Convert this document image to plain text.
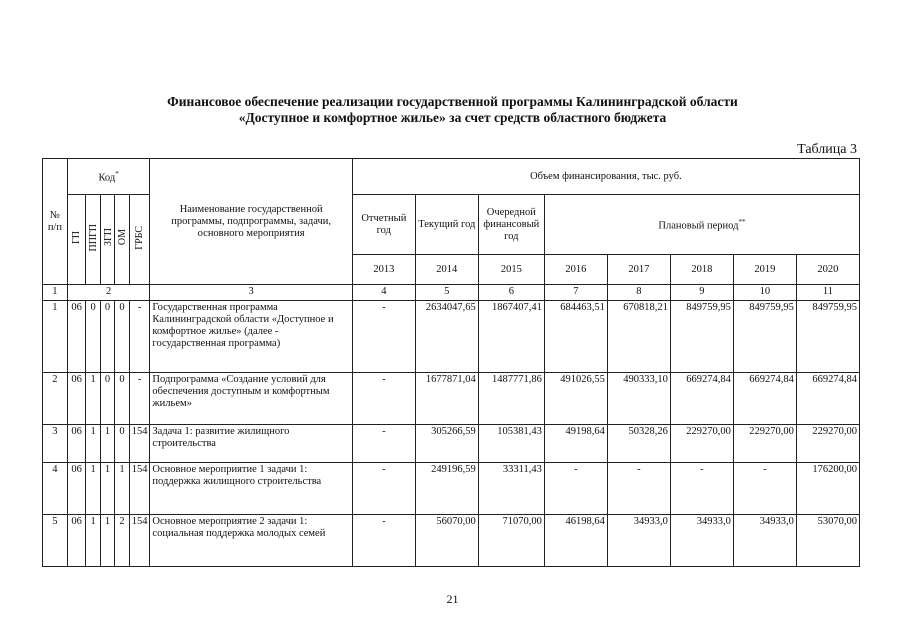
Финансовое обеспечение реализации государственной программы Калининградской области
«Доступное и комфортное жилье» за счет средств областного бюджета
Таблица 3
№ п/п	Код*					Наименование государственной программы, подпрограммы, задачи, основного мероприятия	Объем финансирования, тыс. руб.							
	ГП	ППГП	ЗГП	ОМ	ГРБС		Отчетный год	Текущий год	Очередной финансовый год	Плановый период**
							2013	2014	2015	2016	2017	2018	2019	2020
1	2					3	4	5	6	7	8	9	10	11
1	06	0	0	0	-	Государственная программа Калининградской области «Доступное и комфортное жилье» (далее - государственная программа)	-	2634047,65	1867407,41	684463,51	670818,21	849759,95	849759,95	849759,95
2	06	1	0	0	-	Подпрограмма «Создание условий для обеспечения доступным и комфортным жильем»	-	1677871,04	1487771,86	491026,55	490333,10	669274,84	669274,84	669274,84
3	06	1	1	0	154	Задача 1: развитие жилищного строительства	-	305266,59	105381,43	49198,64	50328,26	229270,00	229270,00	229270,00
4	06	1	1	1	154	Основное мероприятие 1 задачи 1: поддержка жилищного строительства	-	249196,59	33311,43	-	-	-	-	176200,00
5	06	1	1	2	154	Основное мероприятие 2 задачи 1: социальная поддержка молодых семей	-	56070,00	71070,00	46198,64	34933,0	34933,0	34933,0	53070,00
21
